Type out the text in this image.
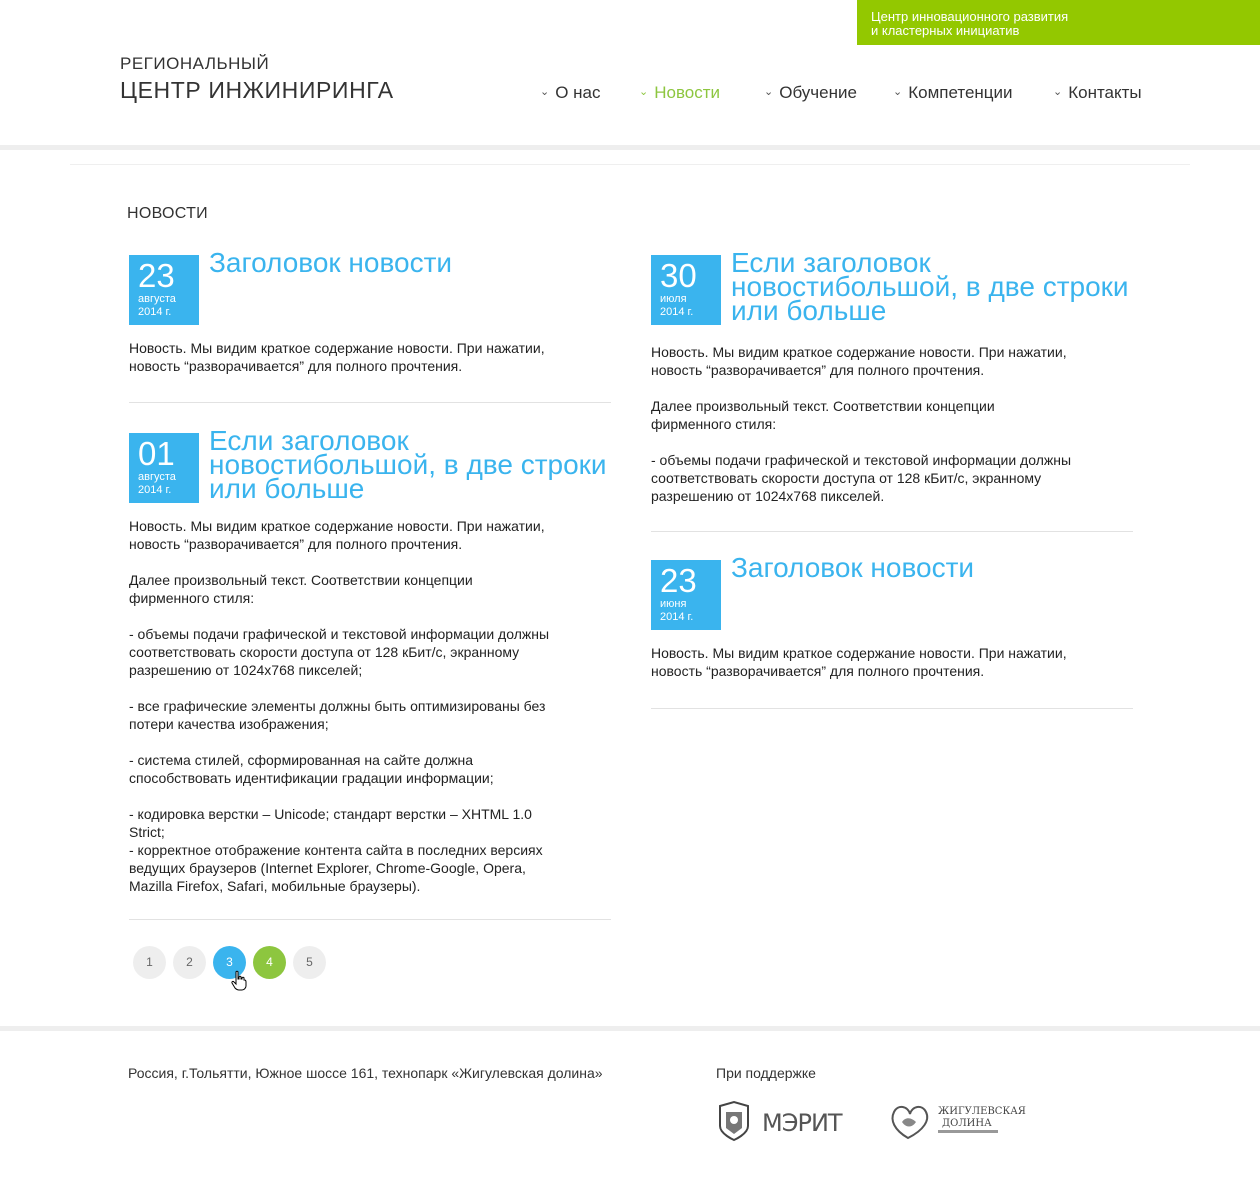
Центр инновационного развития
и кластерных инициатив
РЕГИОНАЛЬНЫЙ
ЦЕНТР ИНЖИНИРИНГА	⌄ О нас	⌄ Новости	⌄ Обучение	⌄ Компетенции	⌄ Контакты
НОВОСТИ
23
августа
2014 г.
Заголовок новости
Новость. Мы видим краткое содержание новости. При нажатии,
новость “разворачивается” для полного прочтения.
01
августа
2014 г.
Если заголовок новостибольшой, в две строки или больше
Новость. Мы видим краткое содержание новости. При нажатии,
новость “разворачивается” для полного прочтения.

Далее произвольный текст. Соответствии концепции
фирменного стиля:

- объемы подачи графической и текстовой информации должны
соответствовать скорости доступа от 128 кБит/с, экранному
разрешению от 1024x768 пикселей;

- все графические элементы должны быть оптимизированы без
потери качества изображения;

- система стилей, сформированная на сайте должна
способствовать идентификации градации информации;

- кодировка верстки – Unicode; стандарт верстки – XHTML 1.0
Strict;
- корректное отображение контента сайта в последних версиях
ведущих браузеров (Internet Explorer, Chrome-Google, Opera,
Mazilla Firefox, Safari, мобильные браузеры).
30
июля
2014 г.
Если заголовок новостибольшой, в две строки или больше
Новость. Мы видим краткое содержание новости. При нажатии,
новость “разворачивается” для полного прочтения.

Далее произвольный текст. Соответствии концепции
фирменного стиля:

- объемы подачи графической и текстовой информации должны
соответствовать скорости доступа от 128 кБит/с, экранному
разрешению от 1024x768 пикселей.
23
июня
2014 г.
Заголовок новости
Новость. Мы видим краткое содержание новости. При нажатии,
новость “разворачивается” для полного прочтения.
1	2	3	4	5
Россия, г.Тольятти, Южное шоссе 161, технопарк «Жигулевская долина»	При поддержке
МЭРИТ	ЖИГУЛЕВСКАЯ
ДОЛИНА
